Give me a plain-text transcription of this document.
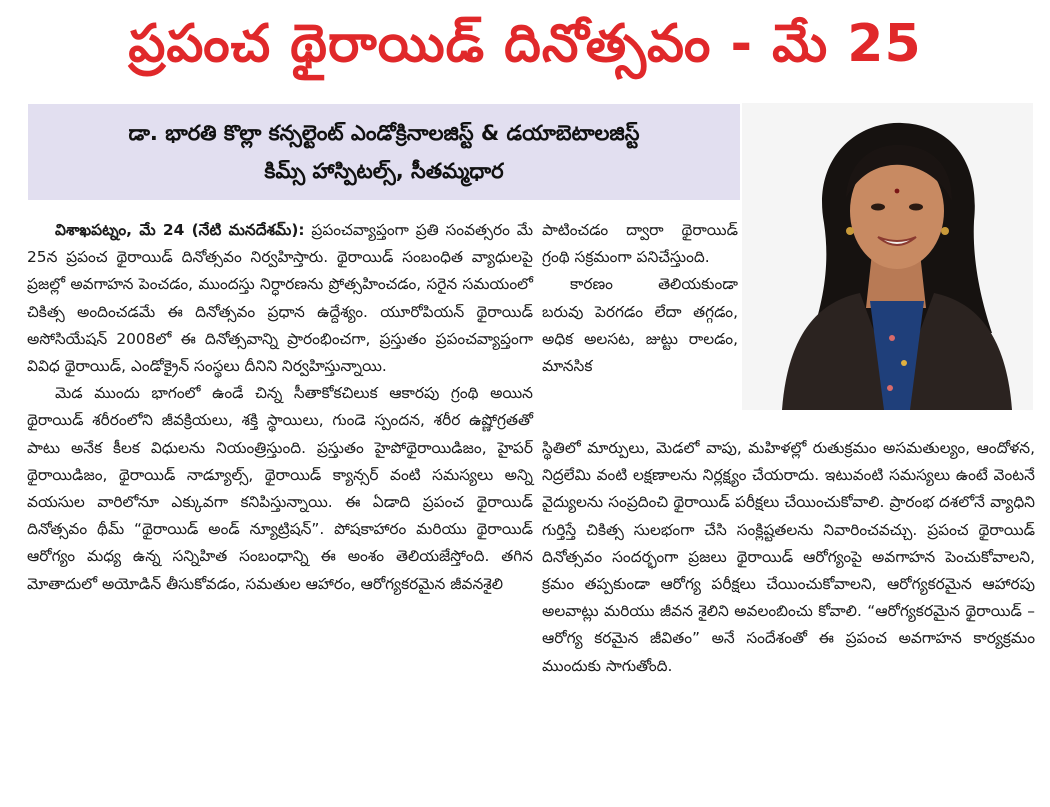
ప్రపంచ థైరాయిడ్ దినోత్సవం - మే 25
డా. భారతి కొల్లా కన్సల్టెంట్ ఎండోక్రినాలజిస్ట్ & డయాబెటాలజిస్ట్
కిమ్స్ హాస్పిటల్స్, సీతమ్మధార

విశాఖపట్నం, మే 24 (నేటి మనదేశమ్): ప్రపంచవ్యాప్తంగా ప్రతి సంవత్సరం మే 25న ప్రపంచ థైరాయిడ్ దినోత్సవం నిర్వహిస్తారు. థైరాయిడ్ సంబంధిత వ్యాధులపై ప్రజల్లో అవగాహన పెంచడం, ముందస్తు నిర్ధారణను ప్రోత్సహించడం, సరైన సమయంలో చికిత్స అందించడమే ఈ దినోత్సవం ప్రధాన ఉద్దేశ్యం. యూరోపియన్ థైరాయిడ్ అసోసియేషన్ 2008లో ఈ దినోత్సవాన్ని ప్రారంభించగా, ప్రస్తుతం ప్రపంచవ్యాప్తంగా వివిధ థైరాయిడ్, ఎండోక్రైన్ సంస్థలు దీనిని నిర్వహిస్తున్నాయి.

మెడ ముందు భాగంలో ఉండే చిన్న సీతాకోకచిలుక ఆకారపు గ్రంథి అయిన థైరాయిడ్ శరీరంలోని జీవక్రియలు, శక్తి స్థాయిలు, గుండె స్పందన, శరీర ఉష్ణోగ్రతతో పాటు అనేక కీలక విధులను నియంత్రిస్తుంది. ప్రస్తుతం హైపోథైరాయిడిజం, హైపర్ థైరాయిడిజం, థైరాయిడ్ నాడ్యూల్స్, థైరాయిడ్ క్యాన్సర్ వంటి సమస్యలు అన్ని వయసుల వారిలోనూ ఎక్కువగా కనిపిస్తున్నాయి. ఈ ఏడాది ప్రపంచ థైరాయిడ్ దినోత్సవం థీమ్ “థైరాయిడ్ అండ్ న్యూట్రిషన్”. పోషకాహారం మరియు థైరాయిడ్ ఆరోగ్యం మధ్య ఉన్న సన్నిహిత సంబంధాన్ని ఈ అంశం తెలియజేస్తోంది. తగిన మోతాదులో అయోడిన్ తీసుకోవడం, సమతుల ఆహారం, ఆరోగ్యకరమైన జీవనశైలి

పాటించడం ద్వారా థైరాయిడ్ గ్రంథి సక్రమంగా పనిచేస్తుంది.

కారణం తెలియకుండా బరువు పెరగడం లేదా తగ్గడం, అధిక అలసట, జుట్టు రాలడం, మానసిక

స్థితిలో మార్పులు, మెడలో వాపు, మహిళల్లో రుతుక్రమం అసమతుల్యం, ఆందోళన, నిద్రలేమి వంటి లక్షణాలను నిర్లక్ష్యం చేయరాదు. ఇటువంటి సమస్యలు ఉంటే వెంటనే వైద్యులను సంప్రదించి థైరాయిడ్ పరీక్షలు చేయించుకోవాలి. ప్రారంభ దశలోనే వ్యాధిని గుర్తిస్తే చికిత్స సులభంగా చేసి సంక్లిష్టతలను నివారించవచ్చు. ప్రపంచ థైరాయిడ్ దినోత్సవం సందర్భంగా ప్రజలు థైరాయిడ్ ఆరోగ్యంపై అవగాహన పెంచుకోవాలని, క్రమం తప్పకుండా ఆరోగ్య పరీక్షలు చేయించుకోవాలని, ఆరోగ్యకరమైన ఆహారపు అలవాట్లు మరియు జీవన శైలిని అవలంబించు కోవాలి. “ఆరోగ్యకరమైన థైరాయిడ్ – ఆరోగ్య కరమైన జీవితం” అనే సందేశంతో ఈ ప్రపంచ అవగాహన కార్యక్రమం ముందుకు సాగుతోంది.
